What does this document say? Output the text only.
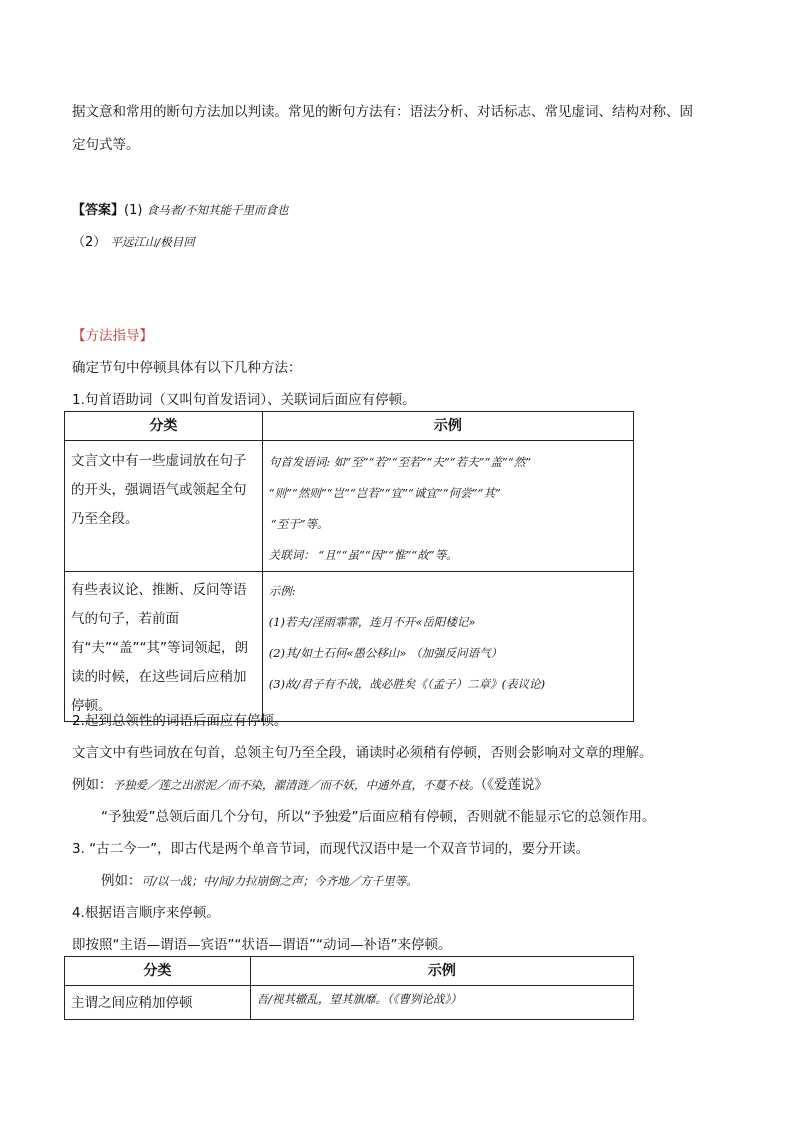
据文意和常用的断句方法加以判读。常见的断句方法有：语法分析、对话标志、常见虚词、结构对称、固
定句式等。
【答案】(1) 食马者/不知其能千里而食也
（2） 平远江山/极目回
【方法指导】
确定节句中停顿具体有以下几种方法：
1.句首语助词（又叫句首发语词）、关联词后面应有停顿。
分类	示例

文言文中有一些虚词放在句子的开头，强调语气或领起全句乃至全段。	句首发语词: 如“至”“若”“至若”“夫”“若夫”“盖”“然”
“则”“然则”“岂”“岂若”“宜”“诚宜”“何尝”“其”
“至于”等。
关联词： “且”“虽”“因”“惟”“故”等。

有些表议论、推断、反问等语气的句子，若前面有“夫”“盖”“其”等词领起，朗读的时候，在这些词后应稍加停顿。	示例:
(1)若夫/淫雨霏霏，连月不开«岳阳楼记»
(2)其/如土石何«愚公移山» （加强反问语气）
(3)故/君子有不战，战必胜矣《（孟子）二章》(表议论)
2.起到总领性的词语后面应有停顿。
文言文中有些词放在句首，总领主句乃至全段，诵读时必须稍有停顿，否则会影响对文章的理解。
例如：予独爱／莲之出淤泥／而不染，濯清涟／而不妖，中通外直，不蔓不枝。（《爱莲说》
“予独爱”总领后面几个分句，所以“予独爱”后面应稍有停顿，否则就不能显示它的总领作用。
3. “古二今一”，即古代是两个单音节词，而现代汉语中是一个双音节词的，要分开读。
例如：可/以一战；中/间/力拉崩倒之声；今齐地／方千里等。
4.根据语言顺序来停顿。
即按照“主语—谓语—宾语”“状语—谓语”“动词—补语”来停顿。
分类	示例

主谓之间应稍加停顿	吾/视其辙乱，望其旗靡。（《曹刿论战》）
